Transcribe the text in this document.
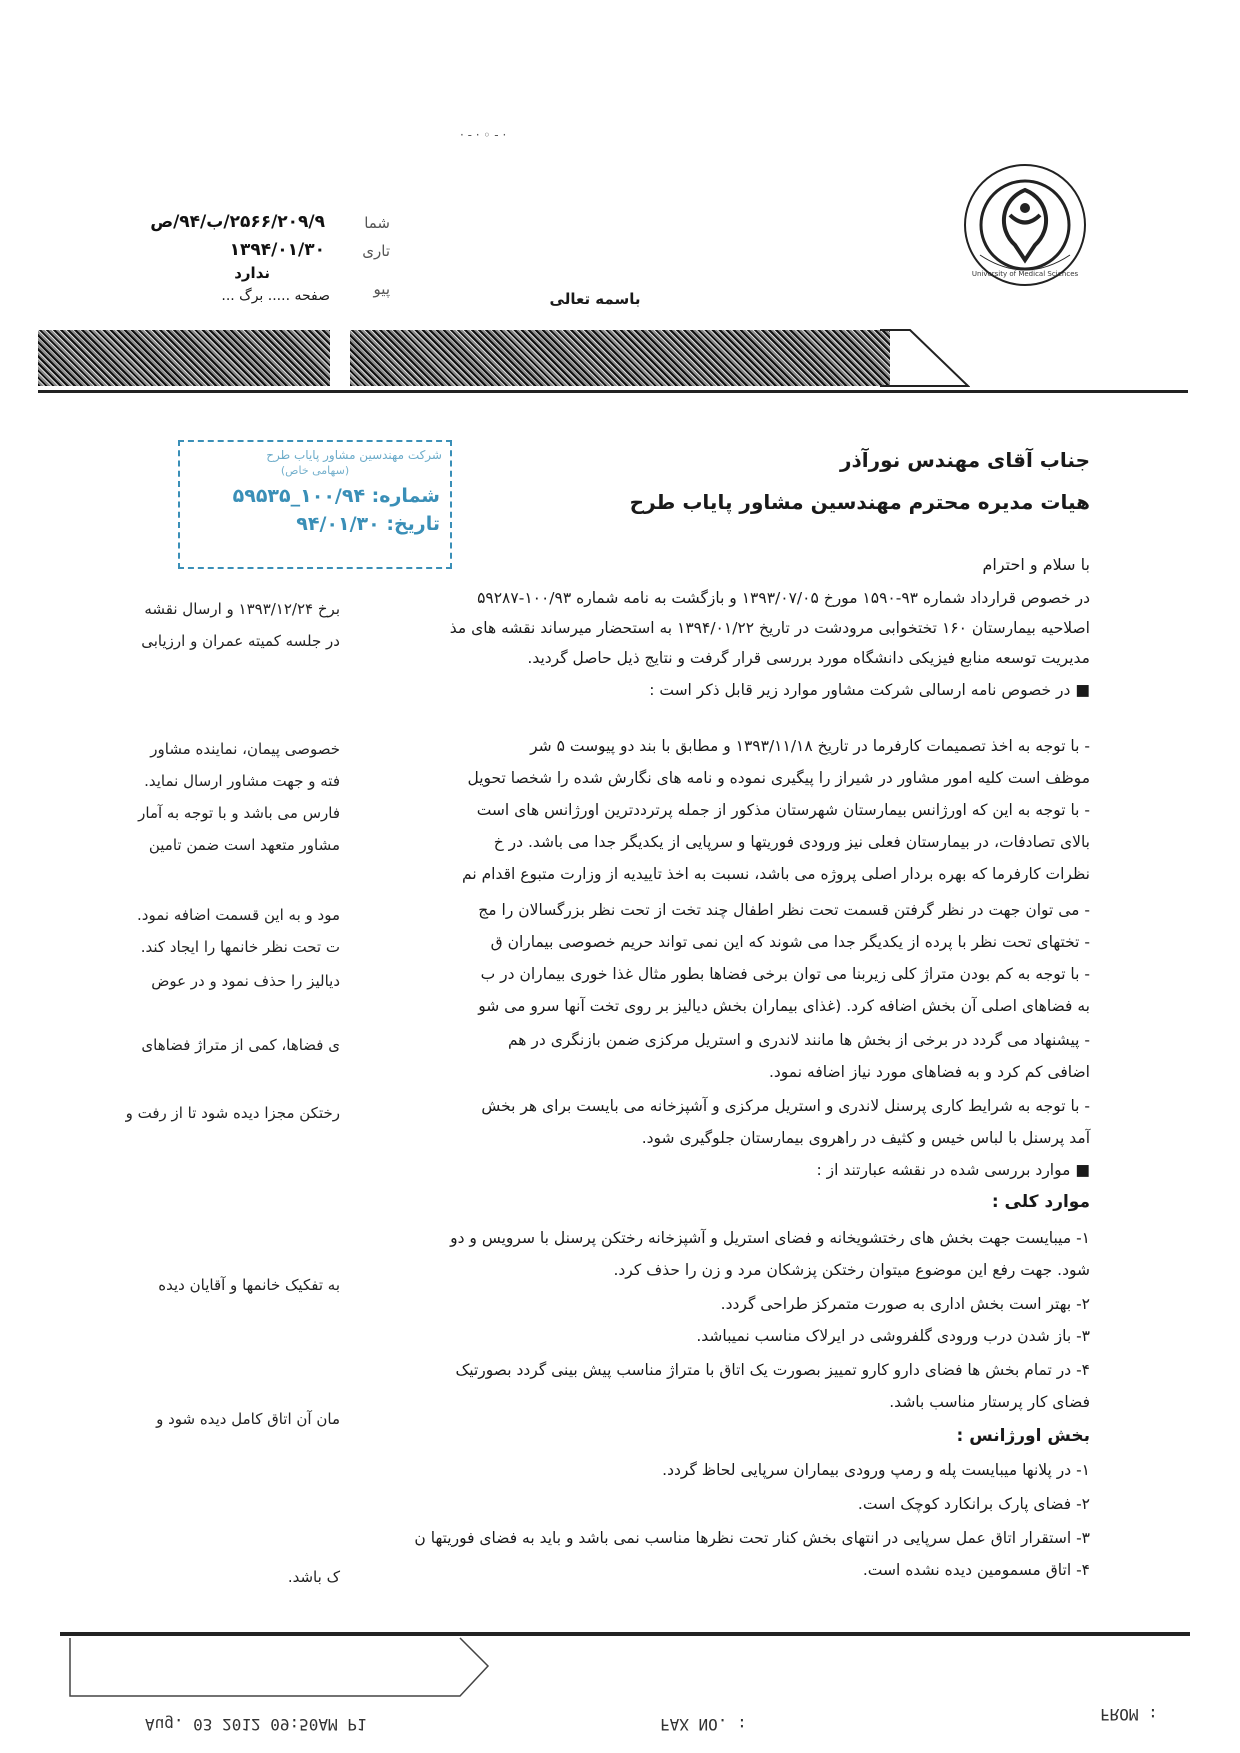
University of Medical Sciences
· ‑ · ◦ ‑ ·
باسمه تعالی
شما
۲۵۶۶/۲۰۹/۹/ب/۹۴/ص
تاری
۱۳۹۴/۰۱/۳۰
پیو
ندارد
صفحه ..... برگ ...
شرکت مهندسین مشاور پایاب طرح
(سهامی خاص)
شماره: ۱۰۰/۹۴_۵۹۵۳۵
تاریخ: ۹۴/۰۱/۳۰
جناب آقای مهندس نورآذر
هیات مدیره محترم مهندسین مشاور پایاب طرح
با سلام و احترام
در خصوص قرارداد شماره ۹۳-۱۵۹۰ مورخ ۱۳۹۳/۰۷/۰۵ و بازگشت به نامه شماره ۱۰۰/۹۳-۵۹۲۸۷
اصلاحیه بیمارستان ۱۶۰ تختخوابی مرودشت در تاریخ ۱۳۹۴/۰۱/۲۲ به استحضار میرساند نقشه های مذ
مدیریت توسعه منابع فیزیکی دانشگاه مورد بررسی قرار گرفت و نتایج ذیل حاصل گردید.
■ در خصوص نامه ارسالی شرکت مشاور موارد زیر قابل ذکر است :
- با توجه به اخذ تصمیمات کارفرما در تاریخ ۱۳۹۳/۱۱/۱۸ و مطابق با بند دو پیوست ۵ شر
موظف است کلیه امور مشاور در شیراز را پیگیری نموده و نامه های نگارش شده را شخصا تحویل
- با توجه به این که اورژانس بیمارستان شهرستان مذکور از جمله پرترددترین اورژانس های است
بالای تصادفات، در بیمارستان فعلی نیز ورودی فوریتها و سرپایی از یکدیگر جدا می باشد. در خ
نظرات کارفرما که بهره بردار اصلی پروژه می باشد، نسبت به اخذ تاییدیه از وزارت متبوع اقدام نم
- می توان جهت در نظر گرفتن قسمت تحت نظر اطفال چند تخت از تحت نظر بزرگسالان را مج
- تختهای تحت نظر با پرده از یکدیگر جدا می شوند که این نمی تواند حریم خصوصی بیماران ق
- با توجه به کم بودن متراژ کلی زیربنا می توان برخی فضاها بطور مثال غذا خوری بیماران در ب
به فضاهای اصلی آن بخش اضافه کرد. (غذای بیماران بخش دیالیز بر روی تخت آنها سرو می شو
- پیشنهاد می گردد در برخی از بخش ها مانند لاندری و استریل مرکزی ضمن بازنگری در هم
اضافی کم کرد و به فضاهای مورد نیاز اضافه نمود.
- با توجه به شرایط کاری پرسنل لاندری و استریل مرکزی و آشپزخانه می بایست برای هر بخش
آمد پرسنل با لباس خیس و کثیف در راهروی بیمارستان جلوگیری شود.
■ موارد بررسی شده در نقشه عبارتند از :
موارد کلی :
۱- میبایست جهت بخش های رختشویخانه و فضای استریل و آشپزخانه رختکن پرسنل با سرویس و دو
شود. جهت رفع این موضوع میتوان رختکن پزشکان مرد و زن را حذف کرد.
۲- بهتر است بخش اداری به صورت متمرکز طراحی گردد.
۳- باز شدن درب ورودی گلفروشی در ایرلاک مناسب نمیباشد.
۴- در تمام بخش ها فضای دارو کارو تمییز بصورت یک اتاق با متراژ مناسب پیش بینی گردد بصورتیک
فضای کار پرستار مناسب باشد.
بخش اورژانس :
۱- در پلانها میبایست پله و رمپ ورودی بیماران سرپایی لحاظ گردد.
۲- فضای پارک برانکارد کوچک است.
۳- استقرار اتاق عمل سرپایی در انتهای بخش کنار تحت نظرها مناسب نمی باشد و باید به فضای فوریتها ن
۴- اتاق مسمومین دیده نشده است.
برخ ۱۳۹۳/۱۲/۲۴ و ارسال نقشه
در جلسه کمیته عمران و ارزیابی
خصوصی پیمان، نماینده مشاور
فته و جهت مشاور ارسال نماید.
فارس می باشد و با توجه به آمار
مشاور متعهد است ضمن تامین
مود و به این قسمت اضافه نمود.
ت تحت نظر خانمها را ایجاد کند.
دیالیز را حذف نمود و در عوض
ی فضاها، کمی از متراژ فضاهای
رختکن مجزا دیده شود تا از رفت و
به تفکیک خانمها و آقایان دیده
مان آن اتاق کامل دیده شود و
ک باشد.
FROM :
FAX NO. :
Aug. 03 2012 09:50AM P1
